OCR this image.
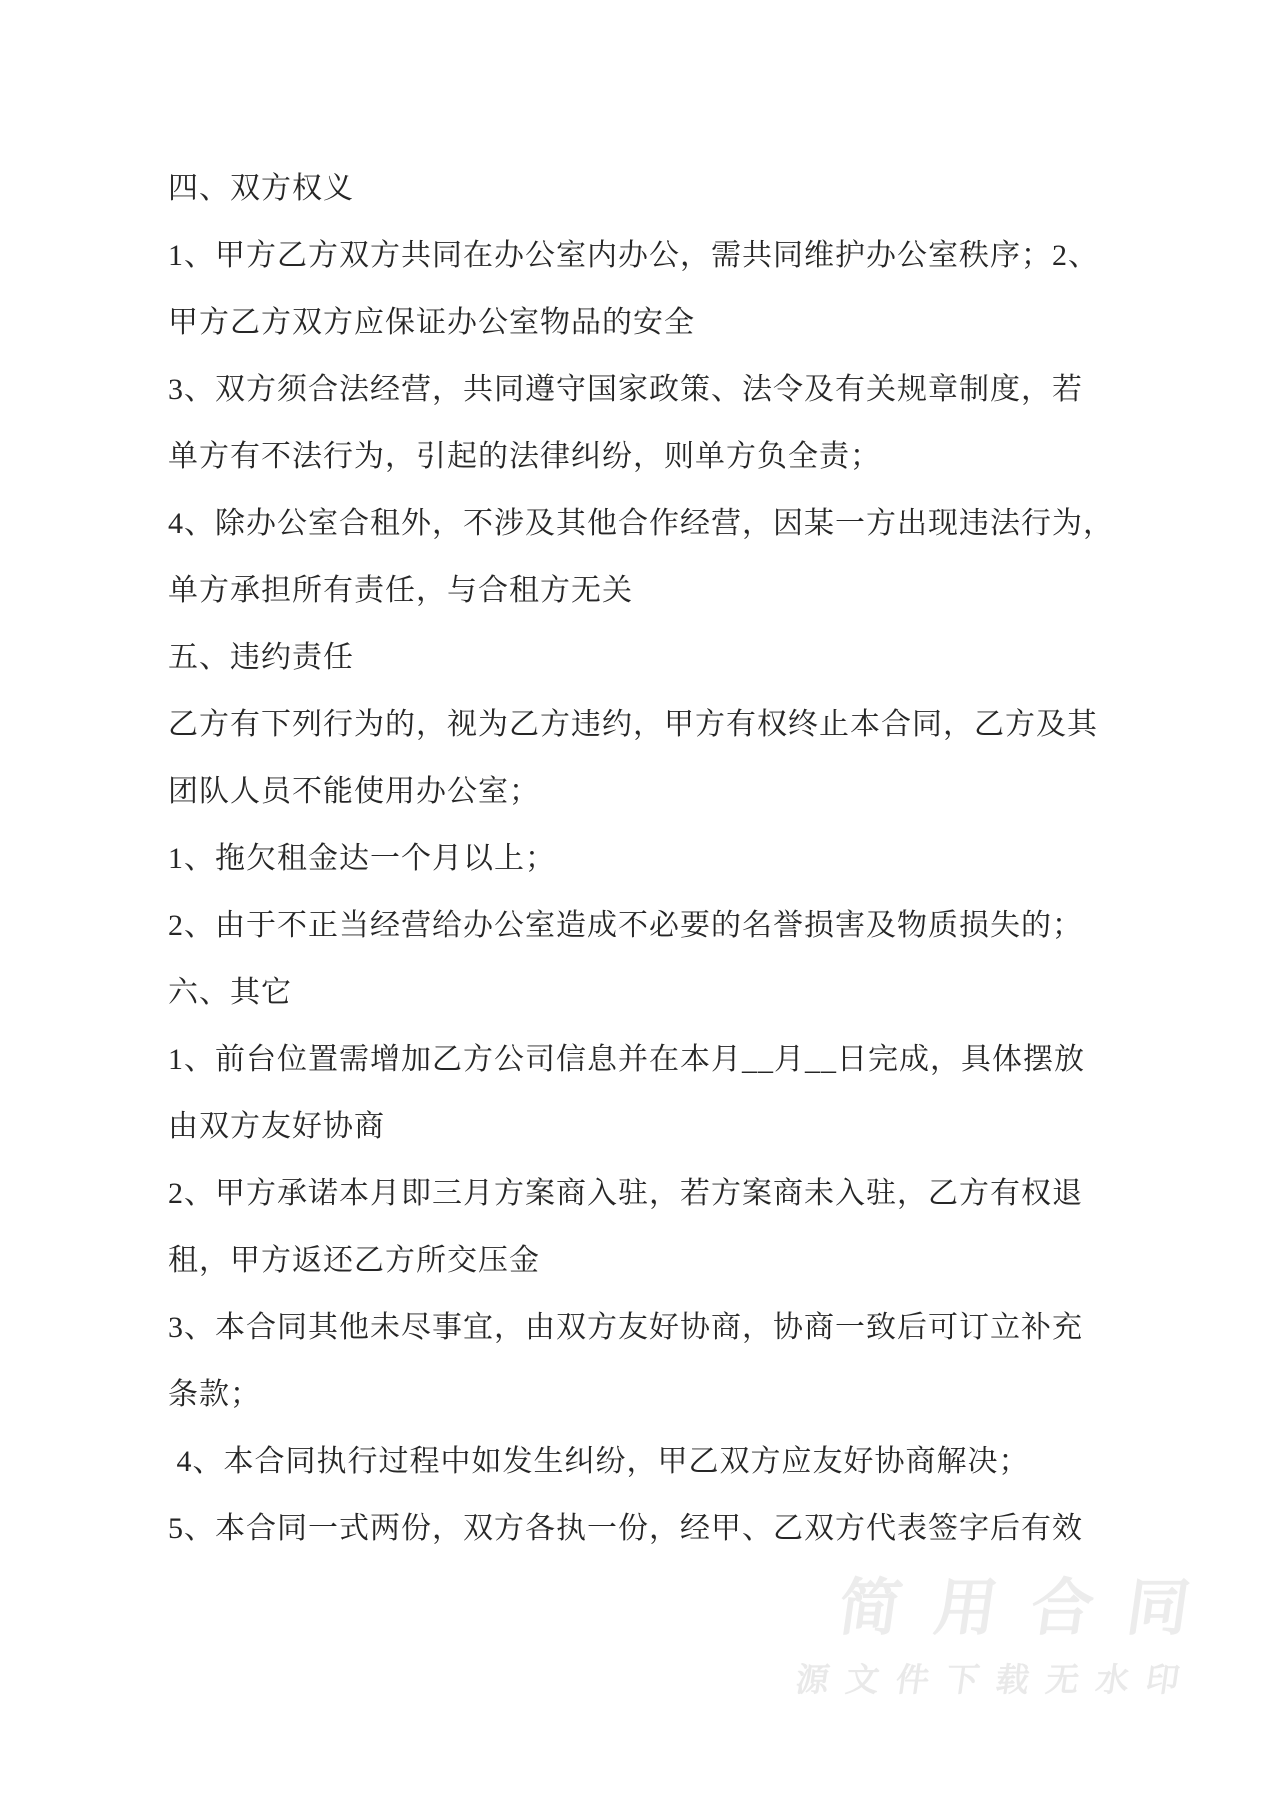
四、双方权义
1、甲方乙方双方共同在办公室内办公，需共同维护办公室秩序；2、
甲方乙方双方应保证办公室物品的安全
3、双方须合法经营，共同遵守国家政策、法令及有关规章制度，若
单方有不法行为，引起的法律纠纷，则单方负全责；
4、除办公室合租外，不涉及其他合作经营，因某一方出现违法行为，
单方承担所有责任，与合租方无关
五、违约责任
乙方有下列行为的，视为乙方违约，甲方有权终止本合同，乙方及其
团队人员不能使用办公室；
1、拖欠租金达一个月以上；
2、由于不正当经营给办公室造成不必要的名誉损害及物质损失的；
六、其它
1、前台位置需增加乙方公司信息并在本月__月__日完成，具体摆放
由双方友好协商
2、甲方承诺本月即三月方案商入驻，若方案商未入驻，乙方有权退
租，甲方返还乙方所交压金
3、本合同其他未尽事宜，由双方友好协商，协商一致后可订立补充
条款；
4、本合同执行过程中如发生纠纷，甲乙双方应友好协商解决；
5、本合同一式两份，双方各执一份，经甲、乙双方代表签字后有效
简用合同
源文件下载无水印
